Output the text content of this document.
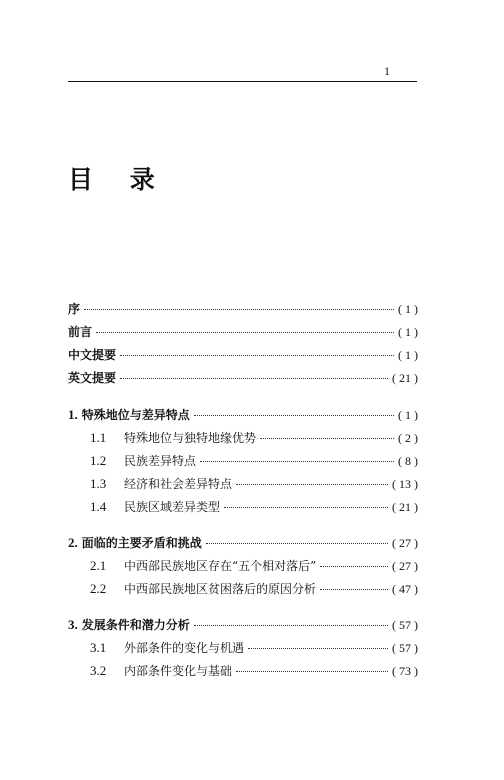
1
目 录
序	( 1 )
前言	( 1 )
中文提要	( 1 )
英文提要	( 21 )
1. 特殊地位与差异特点	( 1 )
1.1	特殊地位与独特地缘优势	( 2 )
1.2	民族差异特点	( 8 )
1.3	经济和社会差异特点	( 13 )
1.4	民族区域差异类型	( 21 )
2. 面临的主要矛盾和挑战	( 27 )
2.1	中西部民族地区存在“五个相对落后”	( 27 )
2.2	中西部民族地区贫困落后的原因分析	( 47 )
3. 发展条件和潜力分析	( 57 )
3.1	外部条件的变化与机遇	( 57 )
3.2	内部条件变化与基础	( 73 )
